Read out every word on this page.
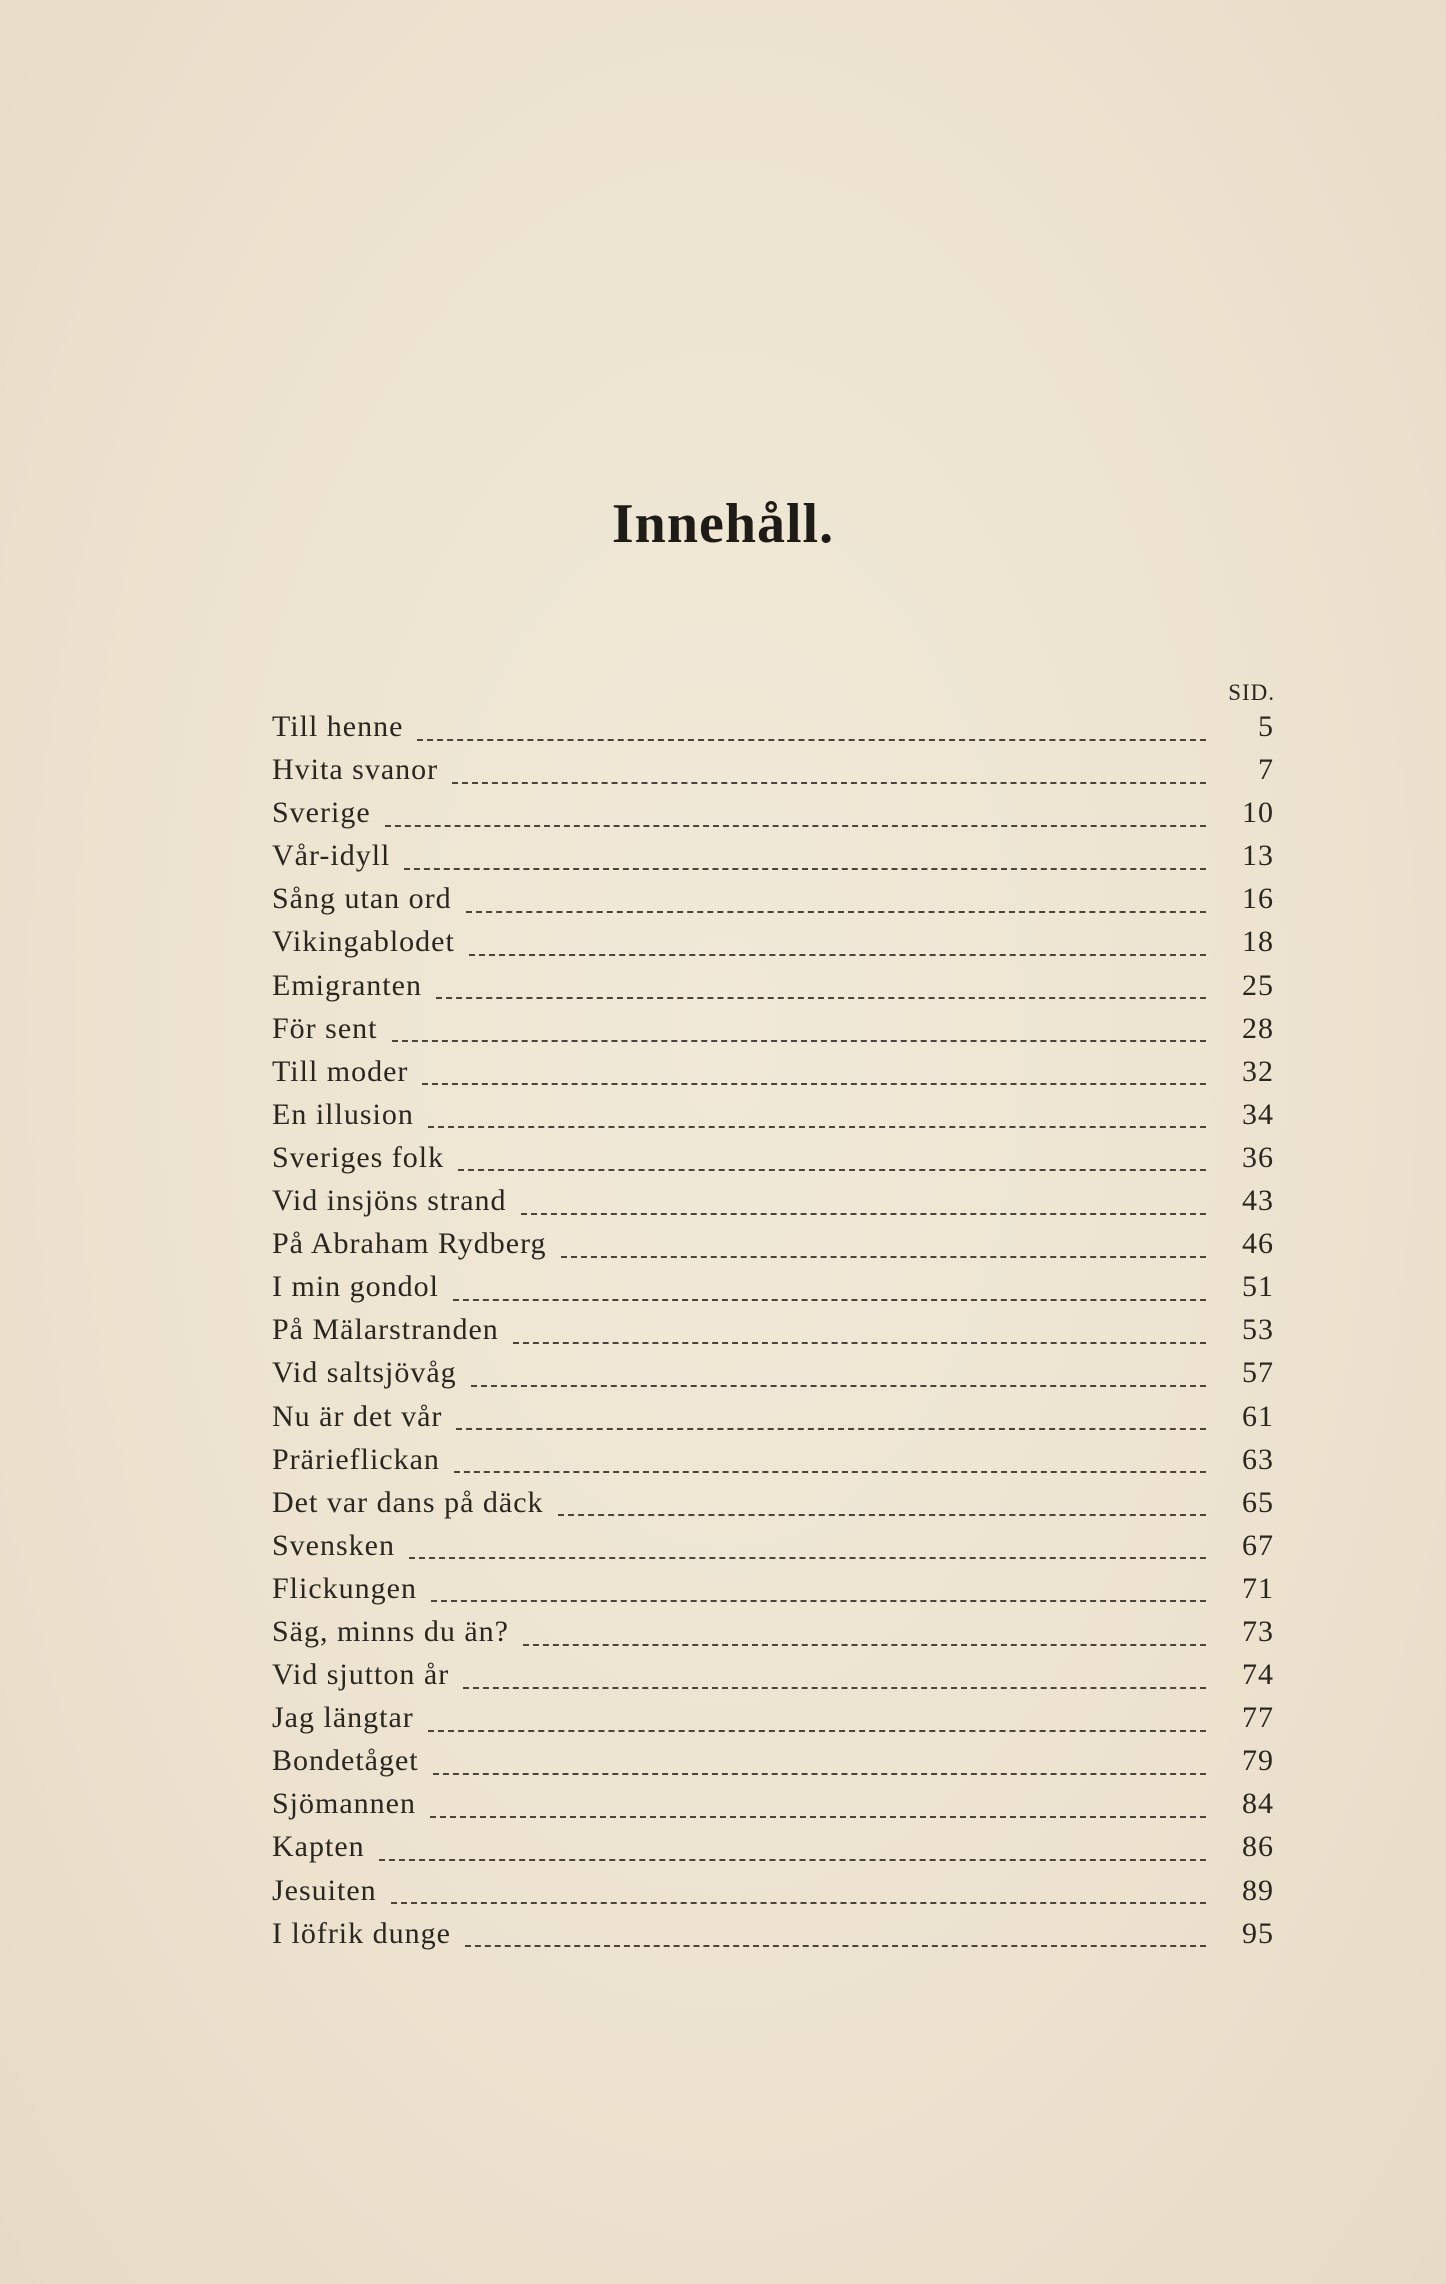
Innehåll.
SID.
Till henne	5
Hvita svanor	7
Sverige	10
Vår-idyll	13
Sång utan ord	16
Vikingablodet	18
Emigranten	25
För sent	28
Till moder	32
En illusion	34
Sveriges folk	36
Vid insjöns strand	43
På Abraham Rydberg	46
I min gondol	51
På Mälarstranden	53
Vid saltsjövåg	57
Nu är det vår	61
Prärieflickan	63
Det var dans på däck	65
Svensken	67
Flickungen	71
Säg, minns du än?	73
Vid sjutton år	74
Jag längtar	77
Bondetåget	79
Sjömannen	84
Kapten	86
Jesuiten	89
I löfrik dunge	95
